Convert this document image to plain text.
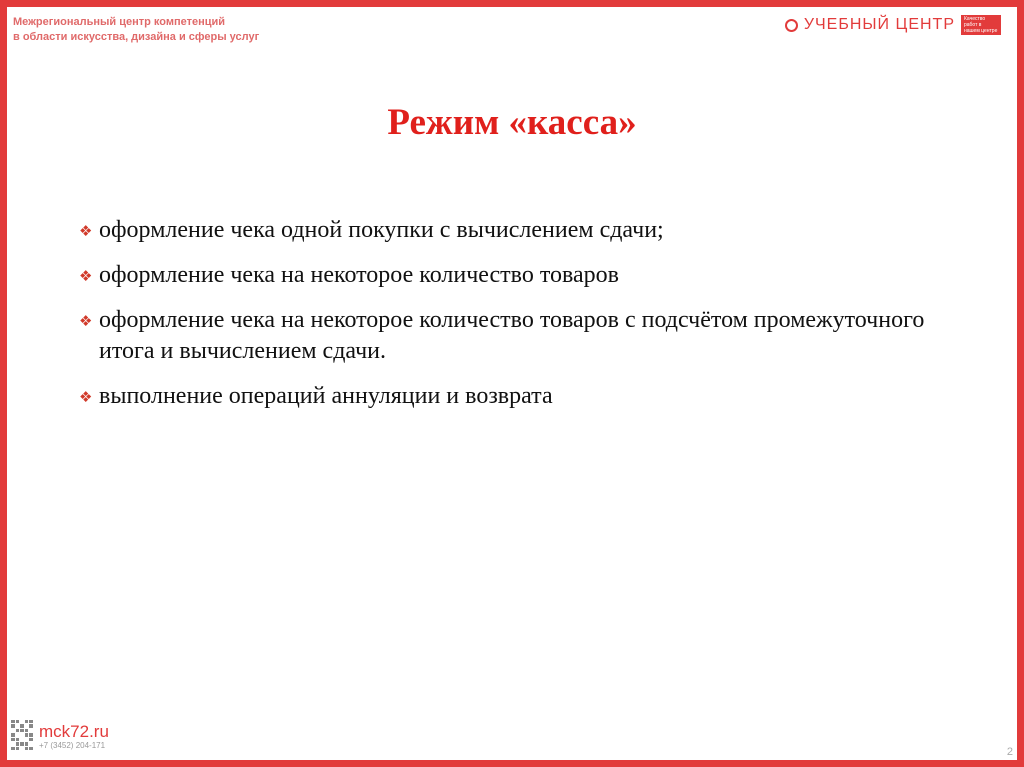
Межрегиональный центр компетенций
в области искусства, дизайна и сферы услуг
УЧЕБНЫЙ ЦЕНТР	Качество работ в нашем центре
Режим «касса»
❖ оформление чека одной покупки с вычислением сдачи;
❖ оформление чека на некоторое количество товаров
❖ оформление чека на некоторое количество товаров с подсчётом промежуточного итога и вычислением сдачи.
❖ выполнение операций аннуляции и возврата
mck72.ru
+7 (3452) 204-171
2
